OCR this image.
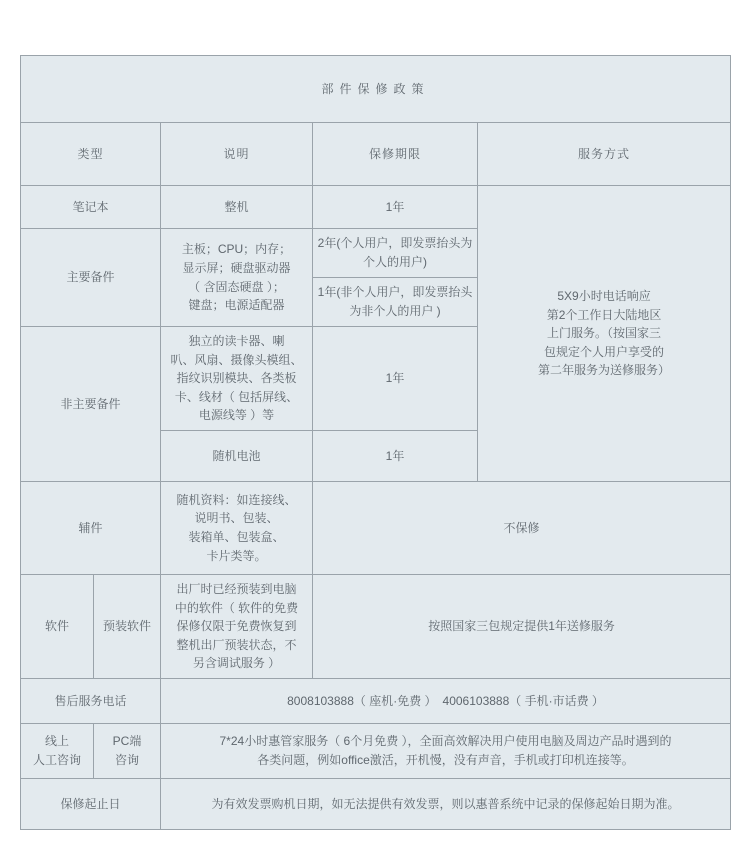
部件保修政策				
类型		说明	保修期限	服务方式
笔记本		整机	1年	5X9小时电话响应
第2个工作日大陆地区
上门服务。（按国家三
包规定个人用户享受的
第二年服务为送修服务）

主要备件		主板；CPU；内存；
显示屏；硬盘驱动器
（ 含固态硬盘 ）；
键盘；电源适配器	2年(个人用户，即发票抬头为个人的用户)	
			1年(非个人用户，即发票抬头为非个人的用户 )	
非主要备件		独立的读卡器、喇
叭、风扇、摄像头模组、
指纹识别模块、各类板
卡、线材（ 包括屏线、
电源线等 ）等	1年	
		随机电池	1年	
辅件		随机资料：如连接线、
说明书、包装、
装箱单、包装盒、
卡片类等。	不保修	
软件	预装软件	出厂时已经预装到电脑
中的软件（ 软件的免费
保修仅限于免费恢复到
整机出厂预装状态，不
另含调试服务 ）	按照国家三包规定提供1年送修服务	
售后服务电话		8008103888（ 座机·免费 ）　4006103888（ 手机·市话费 ）		

线上
人工咨询	PC端
咨询	7*24小时惠管家服务（ 6个月免费 ），全面高效解决用户使用电脑及周边产品时遇到的
各类问题，例如office激活，开机慢，没有声音，手机或打印机连接等。		

保修起止日		为有效发票购机日期，如无法提供有效发票，则以惠普系统中记录的保修起始日期为准。		
